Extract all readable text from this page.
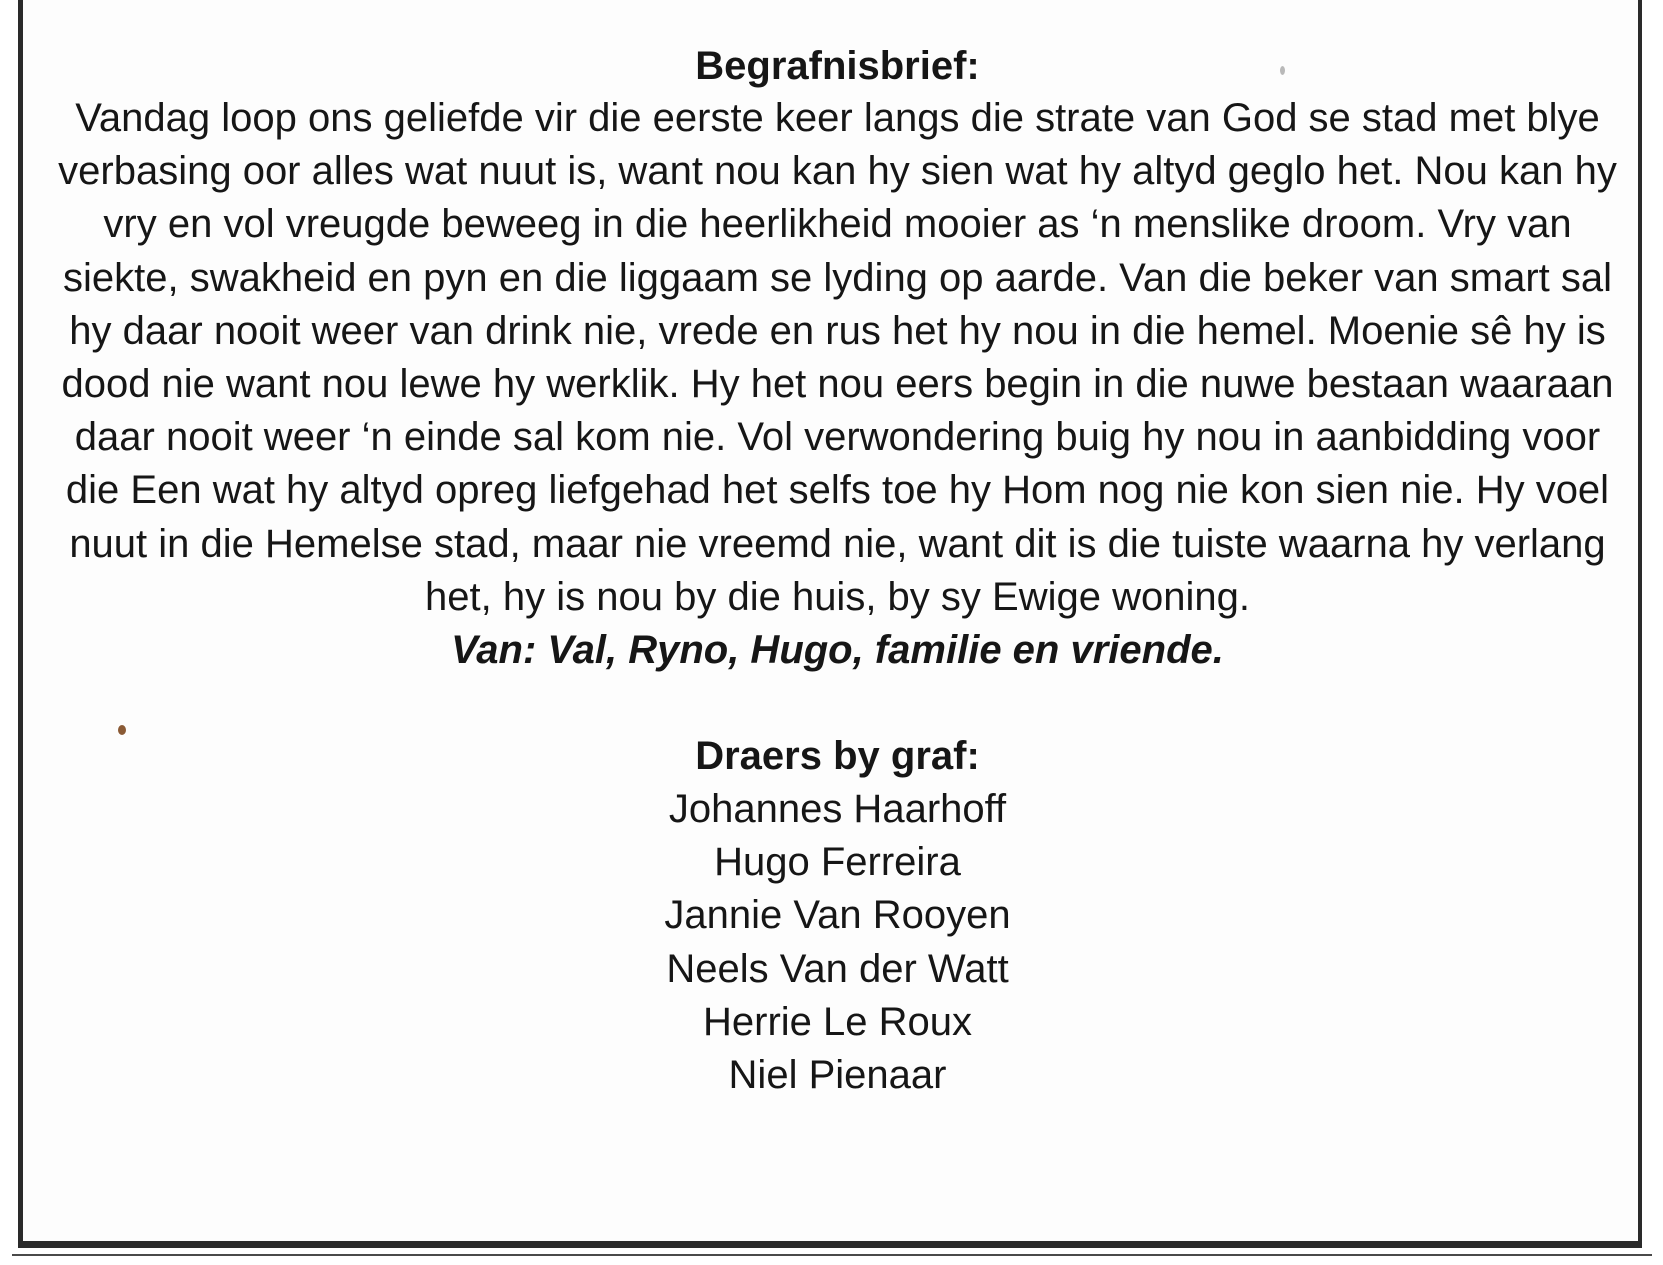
Begrafnisbrief:

Vandag loop ons geliefde vir die eerste keer langs die strate van God se stad met blye verbasing oor alles wat nuut is, want nou kan hy sien wat hy altyd geglo het. Nou kan hy vry en vol vreugde beweeg in die heerlikheid mooier as ‘n menslike droom. Vry van siekte, swakheid en pyn en die liggaam se lyding op aarde. Van die beker van smart sal hy daar nooit weer van drink nie, vrede en rus het hy nou in die hemel. Moenie sê hy is dood nie want nou lewe hy werklik. Hy het nou eers begin in die nuwe bestaan waaraan daar nooit weer ‘n einde sal kom nie. Vol verwondering buig hy nou in aanbidding voor die Een wat hy altyd opreg liefgehad het selfs toe hy Hom nog nie kon sien nie. Hy voel nuut in die Hemelse stad, maar nie vreemd nie, want dit is die tuiste waarna hy verlang het, hy is nou by die huis, by sy Ewige woning.

Van: Val, Ryno, Hugo, familie en vriende.

Draers by graf:

Johannes Haarhoff
Hugo Ferreira
Jannie Van Rooyen
Neels Van der Watt
Herrie Le Roux
Niel Pienaar
